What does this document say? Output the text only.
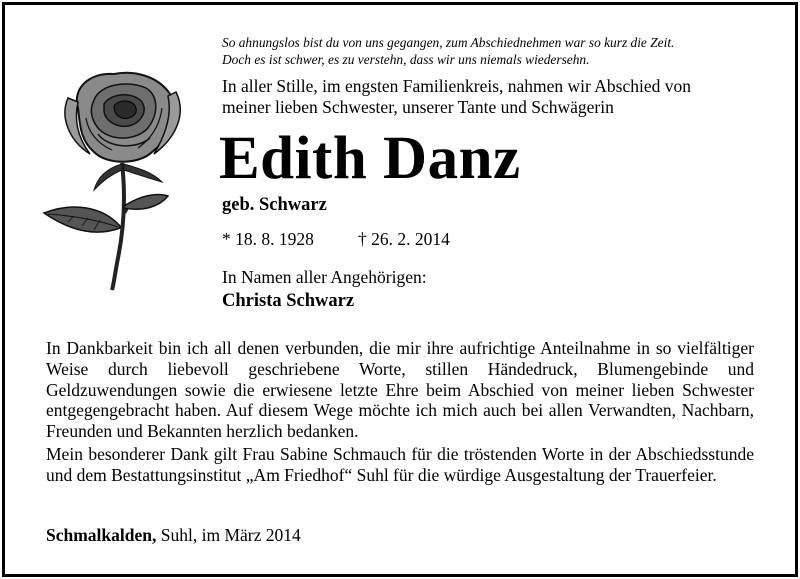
So ahnungslos bist du von uns gegangen, zum Abschiednehmen war so kurz die Zeit.
Doch es ist schwer, es zu verstehn, dass wir uns niemals wiedersehn.
In aller Stille, im engsten Familienkreis, nahmen wir Abschied von
meiner lieben Schwester, unserer Tante und Schwägerin
Edith Danz
geb. Schwarz
* 18. 8. 1928	† 26. 2. 2014
In Namen aller Angehörigen:
Christa Schwarz
In Dankbarkeit bin ich all denen verbunden, die mir ihre aufrichtige Anteilnahme in so vielfältiger Weise durch liebevoll geschriebene Worte, stillen Händedruck, Blumengebinde und Geldzuwendungen sowie die erwiesene letzte Ehre beim Abschied von meiner lieben Schwester entgegengebracht haben. Auf diesem Wege möchte ich mich auch bei allen Verwandten, Nachbarn, Freunden und Bekannten herzlich bedanken.
Mein besonderer Dank gilt Frau Sabine Schmauch für die tröstenden Worte in der Abschiedsstunde und dem Bestattungsinstitut „Am Friedhof“ Suhl für die würdige Ausgestaltung der Trauerfeier.
Schmalkalden, Suhl, im März 2014
